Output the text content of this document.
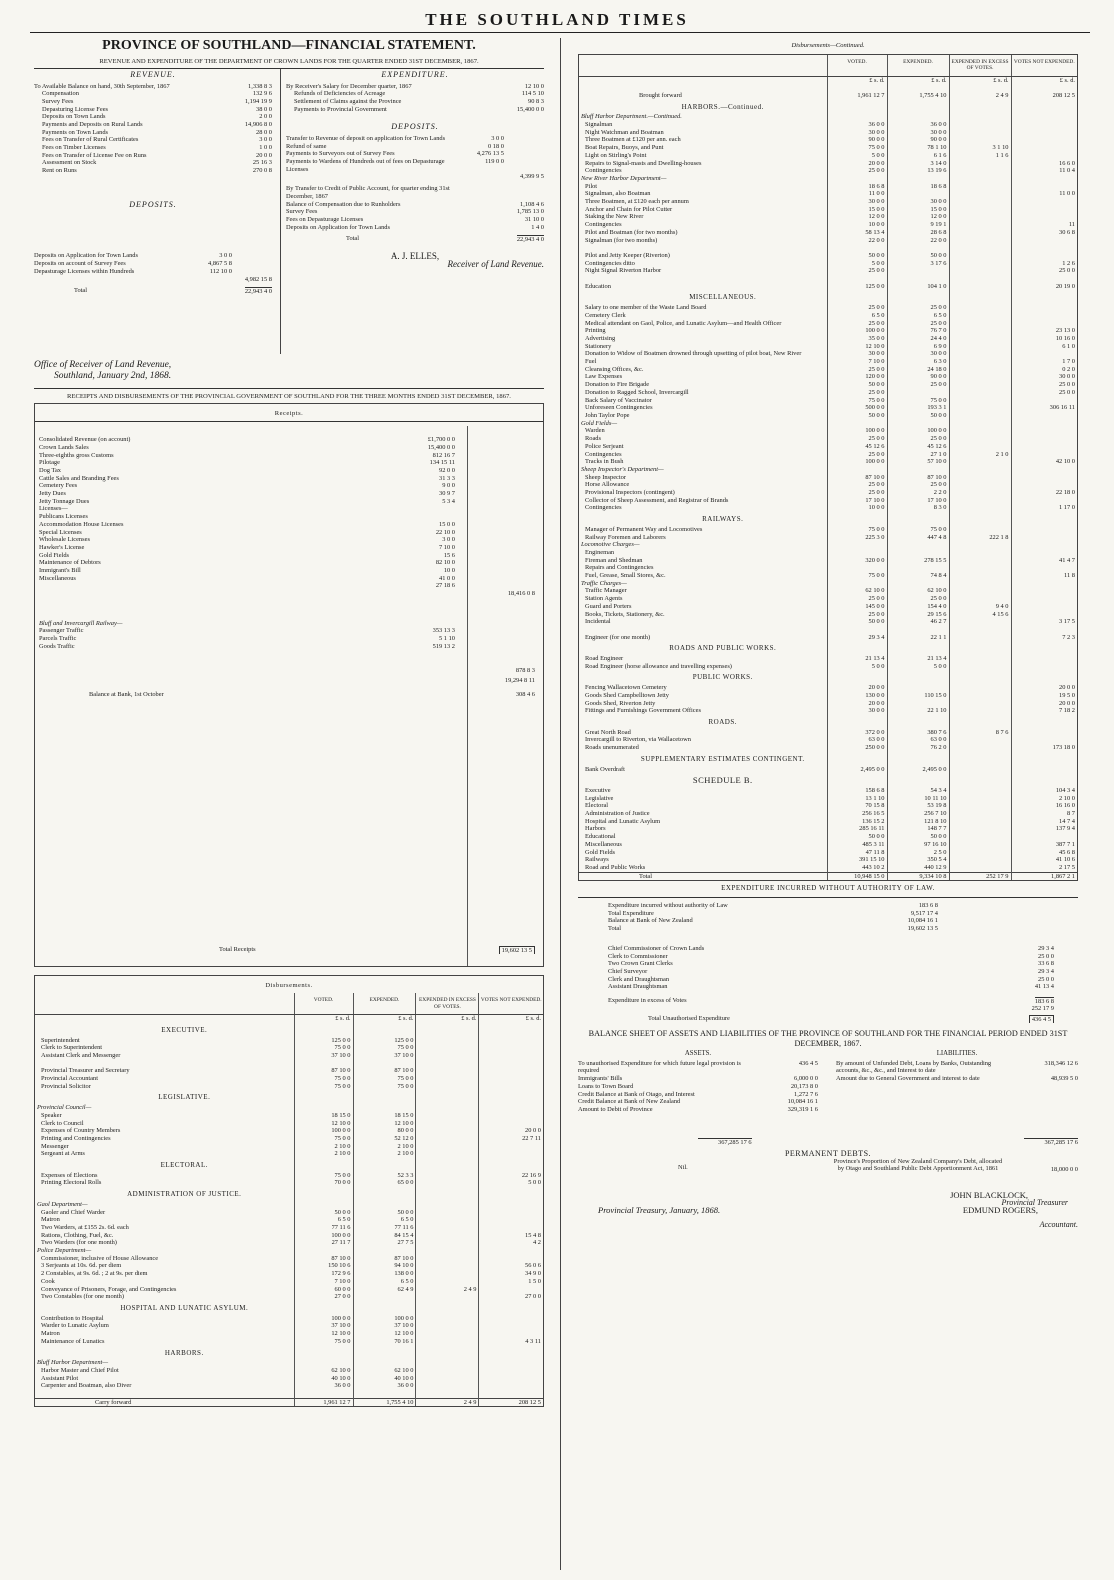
THE SOUTHLAND TIMES
PROVINCE OF SOUTHLAND—FINANCIAL STATEMENT.
REVENUE AND EXPENDITURE OF THE DEPARTMENT OF CROWN LANDS FOR THE QUARTER ENDED 31ST DECEMBER, 1867.
REVENUE.
To Available Balance on hand, 30th September, 1867	1,338 8 3
Compensation	132 9 6
Survey Fees	1,194 19 9
Depasturing License Fees	38 0 0
Deposits on Town Lands	2 0 0
Payments and Deposits on Rural Lands	14,906 8 0
Payments on Town Lands	28 0 0
Fees on Transfer of Rural Certificates	3 0 0
Fees on Timber Licenses	1 0 0
Fees on Transfer of License Fee on Runs	20 0 0
Assessment on Stock	25 16 3
Rent on Runs	270 0 8
DEPOSITS.
Deposits on Application for Town Lands	3 0 0
Deposits on account of Survey Fees	4,867 5 8
Depasturage Licenses within Hundreds	112 10 0
4,982 15 8
Total	22,943 4 0
EXPENDITURE.
By Receiver's Salary for December quarter, 1867	12 10 0
Refunds of Deficiencies of Acreage	114 5 10
Settlement of Claims against the Province	90 8 3
Payments to Provincial Government	15,400 0 0
DEPOSITS.
Transfer to Revenue of deposit on application for Town Lands	3 0 0
Refund of same	0 18 0
Payments to Surveyors out of Survey Fees	4,276 13 5
Payments to Wardens of Hundreds out of fees on Depasturage Licenses
119 0 0
4,399 9 5
By Transfer to Credit of Public Account, for quarter ending 31st December, 1867
Balance of Compensation due to Runholders	1,108 4 6
Survey Fees	1,785 13 0
Fees on Depasturage Licenses	31 10 0
Deposits on Application for Town Lands	1 4 0
Total	22,943 4 0
A. J. ELLES,
Receiver of Land Revenue.
Office of Receiver of Land Revenue,
Southland, January 2nd, 1868.
RECEIPTS AND DISBURSEMENTS OF THE PROVINCIAL GOVERNMENT OF SOUTHLAND FOR THE THREE MONTHS ENDED 31ST DECEMBER, 1867.
Receipts.
Consolidated Revenue (on account)	£1,700 0 0
Crown Lands Sales	15,400 0 0
Three-eighths gross Customs	812 16 7
Pilotage	134 15 11
Dog Tax	92 0 0
Cattle Sales and Branding Fees	31 3 3
Cemetery Fees	9 0 0
Jetty Dues	30 9 7
Jetty Tonnage Dues	5 3 4
Licenses—
Publicans Licenses
Accommodation House Licenses	15 0 0
Special Licenses	22 10 0
Wholesale Licenses	3 0 0
Hawker's License	7 10 0
Gold Fields	15 6
Maintenance of Debtors	82 10 0
Immigrant's Bill	10 0
Miscellaneous	41 0 0
27 18 6
18,416 0 8
Bluff and Invercargill Railway—
Passenger Traffic	353 13 3
Parcels Traffic	5 1 10
Goods Traffic	519 13 2
878 8 3
19,294 8 11
Balance at Bank, 1st October	308 4 6
Total Receipts	19,602 13 5
Disbursements.
	VOTED.	EXPENDED.	EXPENDED IN EXCESS OF VOTES.	VOTES NOT EXPENDED.
	£ s. d.	£ s. d.	£ s. d.	£ s. d.
EXECUTIVE.				
Superintendent	125 0 0	125 0 0		
Clerk to Superintendent	75 0 0	75 0 0		
Assistant Clerk and Messenger	37 10 0	37 10 0		

Provincial Treasurer and Secretary	87 10 0	87 10 0		
Provincial Accountant	75 0 0	75 0 0		
Provincial Solicitor	75 0 0	75 0 0		
LEGISLATIVE.				
Provincial Council—				
Speaker	18 15 0	18 15 0		
Clerk to Council	12 10 0	12 10 0		
Expenses of Country Members	100 0 0	80 0 0		20 0 0
Printing and Contingencies	75 0 0	52 12 0		22 7 11
Messenger	2 10 0	2 10 0		
Sergeant at Arms	2 10 0	2 10 0		
ELECTORAL.				
Expenses of Elections	75 0 0	52 3 3		22 16 9
Printing Electoral Rolls	70 0 0	65 0 0		5 0 0
ADMINISTRATION OF JUSTICE.				
Gaol Department—				
Gaoler and Chief Warder	50 0 0	50 0 0		
Matron	6 5 0	6 5 0		
Two Warders, at £155 2s. 6d. each	77 11 6	77 11 6		
Rations, Clothing, Fuel, &c.	100 0 0	84 15 4		15 4 8
Two Warders (for one month)	27 11 7	27 7 5		4 2
Police Department—				
Commissioner, inclusive of House Allowance	87 10 0	87 10 0		
3 Serjeants at 10s. 6d. per diem	150 10 6	94 10 0		56 0 6
2 Constables, at 9s. 6d. ; 2 at 9s. per diem	172 9 6	138 0 0		34 9 0
Cook	7 10 0	6 5 0		1 5 0
Conveyance of Prisoners, Forage, and Contingencies	60 0 0	62 4 9	2 4 9	
Two Constables (for one month)	27 0 0			27 0 0
HOSPITAL AND LUNATIC ASYLUM.				
Contribution to Hospital	100 0 0	100 0 0		
Warder to Lunatic Asylum	37 10 0	37 10 0		
Matron	12 10 0	12 10 0		
Maintenance of Lunatics	75 0 0	70 16 1		4 3 11
HARBORS.				
Bluff Harbor Department—				
Harbor Master and Chief Pilot	62 10 0	62 10 0		
Assistant Pilot	40 10 0	40 10 0		
Carpenter and Boatman, also Diver	36 0 0	36 0 0		

Carry forward	1,961 12 7	1,755 4 10	2 4 9	208 12 5
Disbursements—Continued.
	VOTED.	EXPENDED.	EXPENDED IN EXCESS OF VOTES.	VOTES NOT EXPENDED.
	£ s. d.	£ s. d.	£ s. d.	£ s. d.

Brought forward	1,961 12 7	1,755 4 10	2 4 9	208 12 5
HARBORS.—Continued.				
Bluff Harbor Department.—Continued.				
Signalman	36 0 0	36 0 0		
Night Watchman and Boatman	30 0 0	30 0 0		
Three Boatmen at £120 per ann. each	90 0 0	90 0 0		
Boat Repairs, Buoys, and Punt	75 0 0	78 1 10	3 1 10	
Light on Stirling's Point	5 0 0	6 1 6	1 1 6	
Repairs to Signal-masts and Dwelling-houses	20 0 0	3 14 0		16 6 0
Contingencies	25 0 0	13 19 6		11 0 4
New River Harbor Department—				
Pilot	18 6 8	18 6 8		
Signalman, also Boatman	11 0 0			11 0 0
Three Boatmen, at £120 each per annum	30 0 0	30 0 0		
Anchor and Chain for Pilot Cutter	15 0 0	15 0 0		
Staking the New River	12 0 0	12 0 0		
Contingencies	10 0 0	9 19 1		11
Pilot and Boatman (for two months)	58 13 4	28 6 8		30 6 8
Signalman (for two months)	22 0 0	22 0 0		

Pilot and Jetty Keeper (Riverton)	50 0 0	50 0 0		
Contingencies ditto	5 0 0	3 17 6		1 2 6
Night Signal Riverton Harbor	25 0 0			25 0 0

Education	125 0 0	104 1 0		20 19 0
MISCELLANEOUS.				
Salary to one member of the Waste Land Board	25 0 0	25 0 0		
Cemetery Clerk	6 5 0	6 5 0		
Medical attendant on Gaol, Police, and Lunatic Asylum—and Health Officer	25 0 0	25 0 0		
Printing	100 0 0	76 7 0		23 13 0
Advertising	35 0 0	24 4 0		10 16 0
Stationery	12 10 0	6 9 0		6 1 0
Donation to Widow of Boatmen drowned through upsetting of pilot boat, New River	30 0 0	30 0 0		
Fuel	7 10 0	6 3 0		1 7 0
Cleansing Offices, &c.	25 0 0	24 18 0		0 2 0
Law Expenses	120 0 0	90 0 0		30 0 0
Donation to Fire Brigade	50 0 0	25 0 0		25 0 0
Donation to Ragged School, Invercargill	25 0 0			25 0 0
Back Salary of Vaccinator	75 0 0	75 0 0		
Unforeseen Contingencies	500 0 0	193 3 1		306 16 11
John Taylor Pope	50 0 0	50 0 0		
Gold Fields—				
Warden	100 0 0	100 0 0		
Roads	25 0 0	25 0 0		
Police Serjeant	45 12 6	45 12 6		
Contingencies	25 0 0	27 1 0	2 1 0	
Tracks in Bush	100 0 0	57 10 0		42 10 0
Sheep Inspector's Department—				
Sheep Inspector	87 10 0	87 10 0		
Horse Allowance	25 0 0	25 0 0		
Provisional Inspectors (contingent)	25 0 0	2 2 0		22 18 0
Collector of Sheep Assessment, and Registrar of Brands	17 10 0	17 10 0		
Contingencies	10 0 0	8 3 0		1 17 0
RAILWAYS.				
Manager of Permanent Way and Locomotives	75 0 0	75 0 0		
Railway Foremen and Laborers	225 3 0	447 4 8	222 1 8	
Locomotive Charges—				
Engineman				
Fireman and Shedman	320 0 0	278 15 5		41 4 7
Repairs and Contingencies				
Fuel, Grease, Small Stores, &c.	75 0 0	74 8 4		11 8
Traffic Charges—				
Traffic Manager	62 10 0	62 10 0		
Station Agents	25 0 0	25 0 0		
Guard and Porters	145 0 0	154 4 0	9 4 0	
Books, Tickets, Stationery, &c.	25 0 0	29 15 6	4 15 6	
Incidental	50 0 0	46 2 7		3 17 5

Engineer (for one month)	29 3 4	22 1 1		7 2 3
ROADS AND PUBLIC WORKS.				
Road Engineer	21 13 4	21 13 4		
Road Engineer (horse allowance and travelling expenses)	5 0 0	5 0 0		
PUBLIC WORKS.				
Fencing Wallacetown Cemetery	20 0 0			20 0 0
Goods Shed Campbelltown Jetty	130 0 0	110 15 0		19 5 0
Goods Shed, Riverton Jetty	20 0 0			20 0 0
Fittings and Furnishings Government Offices	30 0 0	22 1 10		7 18 2
ROADS.				
Great North Road	372 0 0	380 7 6	8 7 6	
Invercargill to Riverton, via Wallacetown	63 0 0	63 0 0		
Roads unenumerated	250 0 0	76 2 0		173 18 0
SUPPLEMENTARY ESTIMATES CONTINGENT.				
Bank Overdraft	2,495 0 0	2,495 0 0		
SCHEDULE B.				
Executive	158 6 8	54 3 4		104 3 4
Legislative	13 1 10	10 11 10		2 10 0
Electoral	70 15 8	53 19 8		16 16 0
Administration of Justice	256 16 5	256 7 10		8 7
Hospital and Lunatic Asylum	136 15 2	121 8 10		14 7 4
Harbors	285 16 11	148 7 7		137 9 4
Educational	50 0 0	50 0 0		
Miscellaneous	485 3 11	97 16 10		387 7 1
Gold Fields	47 11 8	2 5 0		45 6 8
Railways	391 15 10	350 5 4		41 10 6
Road and Public Works	443 10 2	440 12 9		2 17 5
Total	10,948 15 0	9,334 10 8	252 17 9	1,867 2 1
EXPENDITURE INCURRED WITHOUT AUTHORITY OF LAW.
Expenditure incurred without authority of Law	183 6 8
Total Expenditure	9,517 17 4
Balance at Bank of New Zealand	10,084 16 1
Total	19,602 13 5
Chief Commissioner of Crown Lands	29 3 4
Clerk to Commissioner	25 0 0
Two Crown Grant Clerks	33 6 8
Chief Surveyor	29 3 4
Clerk and Draughtsman	25 0 0
Assistant Draughtsman	41 13 4
Expenditure in excess of Votes	183 6 8
252 17 9
Total Unauthorised Expenditure	436 4 5
BALANCE SHEET OF ASSETS AND LIABILITIES OF THE PROVINCE OF SOUTHLAND FOR THE FINANCIAL PERIOD ENDED 31ST DECEMBER, 1867.
ASSETS.
To unauthorised Expenditure for which future legal provision is required
436 4 5
Immigrants' Bills	6,000 0 0
Loans to Town Board	20,173 8 0
Credit Balance at Bank of Otago, and Interest	1,272 7 6
Credit Balance at Bank of New Zealand	10,084 16 1
Amount to Debit of Province	329,319 1 6
LIABILITIES.
By amount of Unfunded Debt, Loans by Banks, Outstanding accounts, &c., &c., and Interest to date
318,346 12 6
Amount due to General Government and interest to date	48,939 5 0
367,285 17 6	367,285 17 6
PERMANENT DEBTS.
Nil.
Province's Proportion of New Zealand Company's Debt, allocated by Otago and Southland Public Debt Apportionment Act, 1861	18,000 0 0
JOHN BLACKLOCK,
Provincial Treasurer
Provincial Treasury, January, 1868.	EDMUND ROGERS,
Accountant.
